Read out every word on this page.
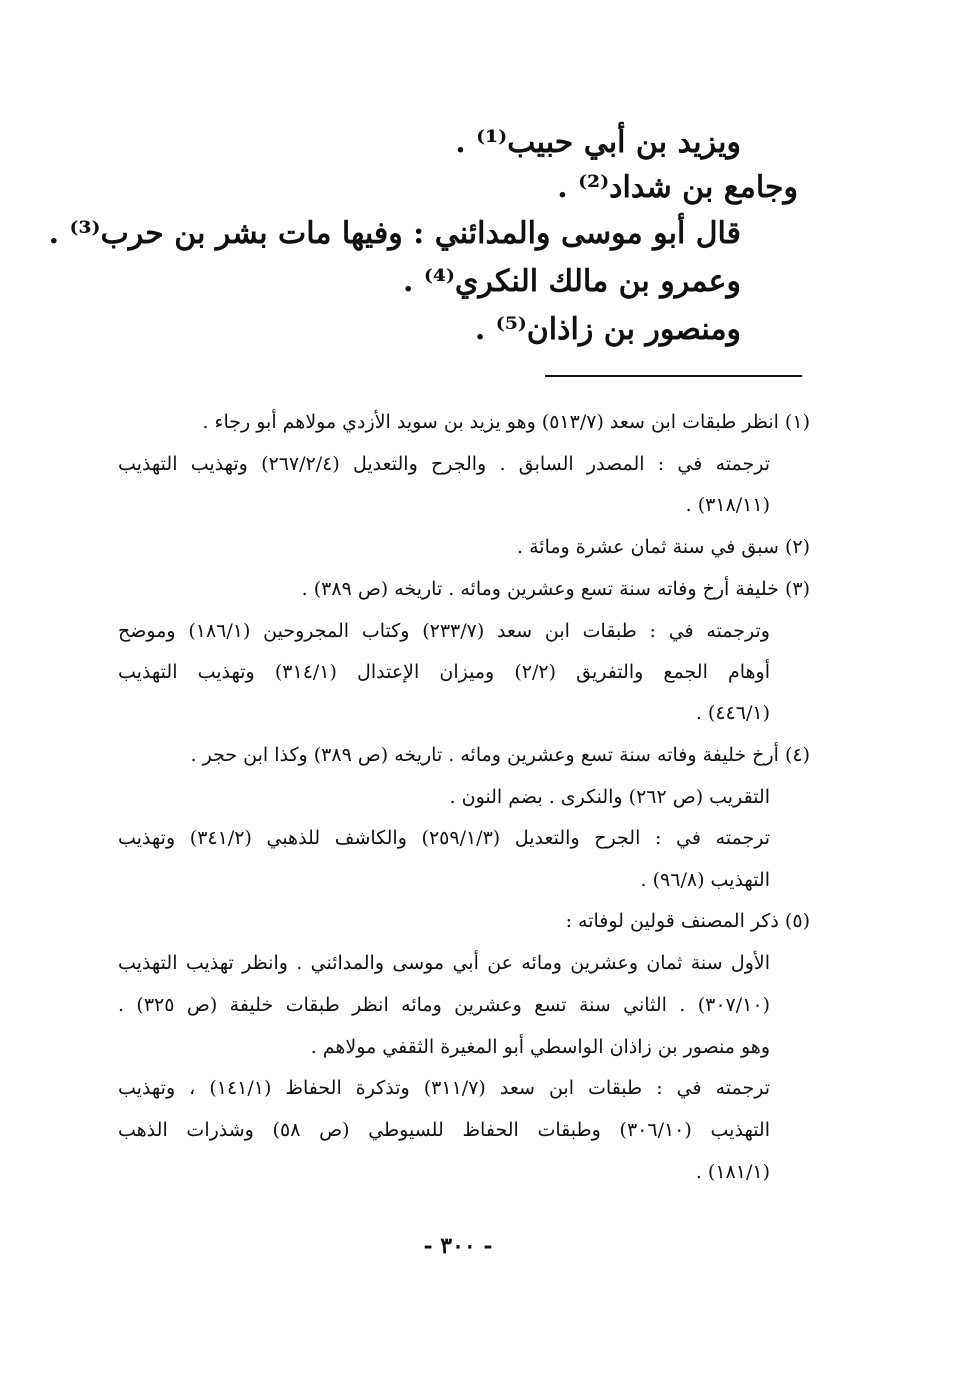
ويزيد بن أبي حبيب⁽¹⁾ .
وجامع بن شداد⁽²⁾ .
قال أبو موسى والمدائني : وفيها مات بشر بن حرب⁽³⁾ .
وعمرو بن مالك النكري⁽⁴⁾ .
ومنصور بن زاذان⁽⁵⁾ .
(١) انظر طبقات ابن سعد (٥١٣/٧) وهو يزيد بن سويد الأزدي مولاهم أبو رجاء .
ترجمته في : المصدر السابق . والجرح والتعديل (٢٦٧/٢/٤) وتهذيب التهذيب
(٣١٨/١١) .
(٢) سبق في سنة ثمان عشرة ومائة .
(٣) خليفة أرخ وفاته سنة تسع وعشرين ومائه . تاريخه (ص ٣٨٩) .
وترجمته في : طبقات ابن سعد (٢٣٣/٧) وكتاب المجروحين (١٨٦/١) وموضح
أوهام الجمع والتفريق (٢/٢) وميزان الإعتدال (٣١٤/١) وتهذيب التهذيب
(٤٤٦/١) .
(٤) أرخ خليفة وفاته سنة تسع وعشرين ومائه . تاريخه (ص ٣٨٩) وكذا ابن حجر .
التقريب (ص ٢٦٢) والنكرى . بضم النون .
ترجمته في : الجرح والتعديل (٢٥٩/١/٣) والكاشف للذهبي (٣٤١/٢) وتهذيب
التهذيب (٩٦/٨) .
(٥) ذكر المصنف قولين لوفاته :
الأول سنة ثمان وعشرين ومائه عن أبي موسى والمدائني . وانظر تهذيب التهذيب
(٣٠٧/١٠) . الثاني سنة تسع وعشرين ومائه انظر طبقات خليفة (ص ٣٢٥) .
وهو منصور بن زاذان الواسطي أبو المغيرة الثقفي مولاهم .
ترجمته في : طبقات ابن سعد (٣١١/٧) وتذكرة الحفاظ (١٤١/١) ، وتهذيب
التهذيب (٣٠٦/١٠) وطبقات الحفاظ للسيوطي (ص ٥٨) وشذرات الذهب
(١٨١/١) .
- ٣٠٠ -
